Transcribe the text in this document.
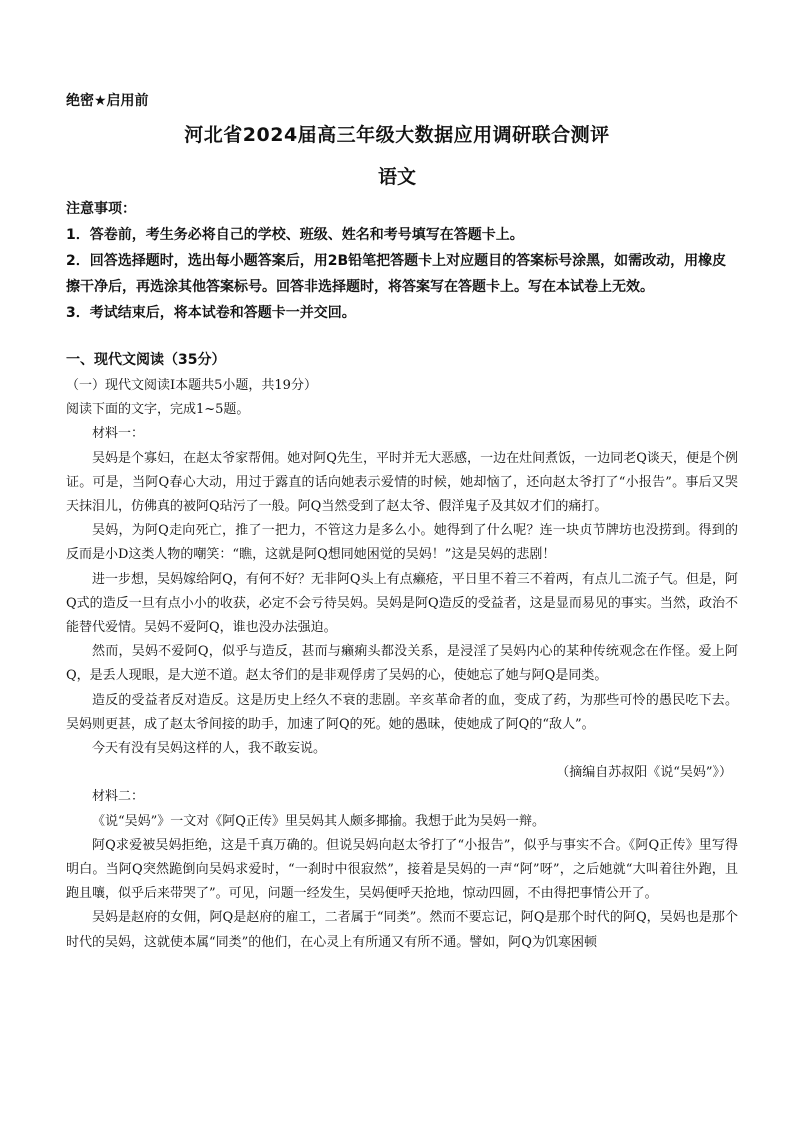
绝密★启用前
河北省2024届高三年级大数据应用调研联合测评
语文

注意事项：

1．答卷前，考生务必将自己的学校、班级、姓名和考号填写在答题卡上。

2．回答选择题时，选出每小题答案后，用2B铅笔把答题卡上对应题目的答案标号涂黑，如需改动，用橡皮擦干净后，再选涂其他答案标号。回答非选择题时，将答案写在答题卡上。写在本试卷上无效。

3．考试结束后，将本试卷和答题卡一并交回。

一、现代文阅读（35分）

（一）现代文阅读I本题共5小题，共19分）

阅读下面的文字，完成1~5题。

材料一：

吴妈是个寡妇，在赵太爷家帮佣。她对阿Q先生，平时并无大恶感，一边在灶间煮饭，一边同老Q谈天，便是个例证。可是，当阿Q春心大动，用过于露直的话向她表示爱情的时候，她却恼了，还向赵太爷打了“小报告”。事后又哭天抹泪儿，仿佛真的被阿Q玷污了一般。阿Q当然受到了赵太爷、假洋鬼子及其奴才们的痛打。

吴妈，为阿Q走向死亡，推了一把力，不管这力是多么小。她得到了什么呢？连一块贞节牌坊也没捞到。得到的反而是小D这类人物的嘲笑：“瞧，这就是阿Q想同她困觉的吴妈！”这是吴妈的悲剧！

进一步想，吴妈嫁给阿Q，有何不好？无非阿Q头上有点癞疮，平日里不着三不着两，有点儿二流子气。但是，阿Q式的造反一旦有点小小的收获，必定不会亏待吴妈。吴妈是阿Q造反的受益者，这是显而易见的事实。当然，政治不能替代爱情。吴妈不爱阿Q，谁也没办法强迫。

然而，吴妈不爱阿Q，似乎与造反，甚而与癞痢头都没关系，是浸淫了吴妈内心的某种传统观念在作怪。爱上阿Q，是丢人现眼，是大逆不道。赵太爷们的是非观俘虏了吴妈的心，使她忘了她与阿Q是同类。

造反的受益者反对造反。这是历史上经久不衰的悲剧。辛亥革命者的血，变成了药，为那些可怜的愚民吃下去。吴妈则更甚，成了赵太爷间接的助手，加速了阿Q的死。她的愚昧，使她成了阿Q的“敌人”。

今天有没有吴妈这样的人，我不敢妄说。

（摘编自苏叔阳《说“吴妈”》）

材料二：

《说“吴妈”》一文对《阿Q正传》里吴妈其人颇多揶揄。我想于此为吴妈一辩。

阿Q求爱被吴妈拒绝，这是千真万确的。但说吴妈向赵太爷打了“小报告”，似乎与事实不合。《阿Q正传》里写得明白。当阿Q突然跪倒向吴妈求爱时，“一刹时中很寂然”，接着是吴妈的一声“阿”呀”，之后她就“大叫着往外跑，且跑且嚷，似乎后来带哭了”。可见，问题一经发生，吴妈便呼天抢地，惊动四圆，不由得把事情公开了。

吴妈是赵府的女佣，阿Q是赵府的雇工，二者属于“同类”。然而不要忘记，阿Q是那个时代的阿Q，吴妈也是那个时代的吴妈，这就使本属“同类”的他们，在心灵上有所通又有所不通。譬如，阿Q为饥寒困顿
